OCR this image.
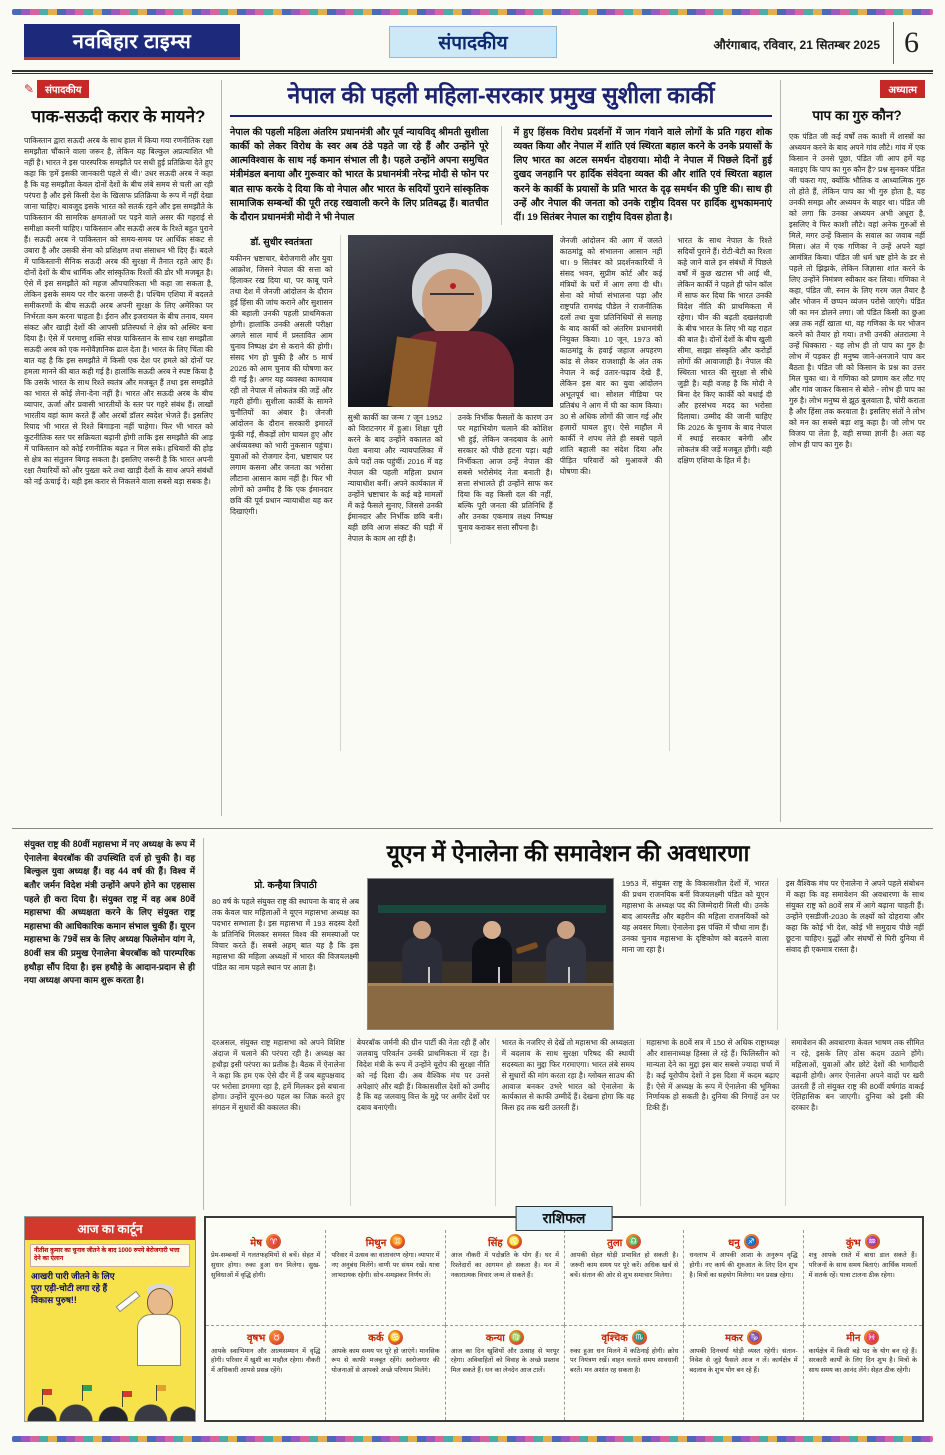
नवबिहार टाइम्स	संपादकीय	औरंगाबाद, रविवार, 21 सितम्बर 2025 6
✎ संपादकीय
पाक-सऊदी करार के मायने?
पाकिस्तान द्वारा सऊदी अरब के साथ हाल में किया गया रणनीतिक रक्षा समझौता चौंकाने वाला जरूर है, लेकिन यह बिल्कुल अप्रत्याशित भी नहीं है। भारत ने इस पारस्परिक समझौते पर सधी हुई प्रतिक्रिया देते हुए कहा कि 'हमें इसकी जानकारी पहले से थी।' उधर सऊदी अरब ने कहा है कि यह समझौता केवल दोनों देशों के बीच लंबे समय से चली आ रही परंपरा है और इसे किसी देश के खिलाफ प्रतिक्रिया के रूप में नहीं देखा जाना चाहिए। बावजूद इसके भारत को सतर्क रहने और इस समझौते के पाकिस्तान की सामरिक क्षमताओं पर पड़ने वाले असर की गहराई से समीक्षा करनी चाहिए। पाकिस्तान और सऊदी अरब के रिश्ते बहुत पुराने हैं। सऊदी अरब ने पाकिस्तान को समय-समय पर आर्थिक संकट से उबारा है और उसकी सेना को प्रशिक्षण तथा संसाधन भी दिए हैं। बदले में पाकिस्तानी सैनिक सऊदी अरब की सुरक्षा में तैनात रहते आए हैं। दोनों देशों के बीच धार्मिक और सांस्कृतिक रिश्तों की डोर भी मजबूत है। ऐसे में इस समझौते को महज औपचारिकता भी कहा जा सकता है, लेकिन इसके समय पर गौर करना जरूरी है। पश्चिम एशिया में बदलते समीकरणों के बीच सऊदी अरब अपनी सुरक्षा के लिए अमेरिका पर निर्भरता कम करना चाहता है। ईरान और इजरायल के बीच तनाव, यमन संकट और खाड़ी देशों की आपसी प्रतिस्पर्धा ने क्षेत्र को अस्थिर बना दिया है। ऐसे में परमाणु शक्ति संपन्न पाकिस्तान के साथ रक्षा समझौता सऊदी अरब को एक मनोवैज्ञानिक ढाल देता है। भारत के लिए चिंता की बात यह है कि इस समझौते में किसी एक देश पर हमले को दोनों पर हमला मानने की बात कही गई है। हालांकि सऊदी अरब ने स्पष्ट किया है कि उसके भारत के साथ रिश्ते स्वतंत्र और मजबूत हैं तथा इस समझौते का भारत से कोई लेना-देना नहीं है। भारत और सऊदी अरब के बीच व्यापार, ऊर्जा और प्रवासी भारतीयों के स्तर पर गहरे संबंध हैं। लाखों भारतीय वहां काम करते हैं और अरबों डॉलर स्वदेश भेजते हैं। इसलिए रियाद भी भारत से रिश्ते बिगाड़ना नहीं चाहेगा। फिर भी भारत को कूटनीतिक स्तर पर सक्रियता बढ़ानी होगी ताकि इस समझौते की आड़ में पाकिस्तान को कोई रणनीतिक बढ़त न मिल सके। हथियारों की होड़ से क्षेत्र का संतुलन बिगड़ सकता है। इसलिए जरूरी है कि भारत अपनी रक्षा तैयारियों को और पुख्ता करे तथा खाड़ी देशों के साथ अपने संबंधों को नई ऊंचाई दे। यही इस करार से निकलने वाला सबसे बड़ा सबक है।
अध्यात्म
पाप का गुरु कौन?
एक पंडित जी कई वर्षों तक काशी में शास्त्रों का अध्ययन करने के बाद अपने गांव लौटे। गांव में एक किसान ने उनसे पूछा, पंडित जी आप हमें यह बताइए कि पाप का गुरु कौन है? प्रश्न सुनकर पंडित जी चकरा गए, क्योंकि भौतिक व आध्यात्मिक गुरु तो होते हैं, लेकिन पाप का भी गुरु होता है, यह उनकी समझ और अध्ययन के बाहर था। पंडित जी को लगा कि उनका अध्ययन अभी अधूरा है, इसलिए वे फिर काशी लौटे। वहां अनेक गुरुओं से मिले, मगर उन्हें किसान के सवाल का जवाब नहीं मिला। अंत में एक गणिका ने उन्हें अपने यहां आमंत्रित किया। पंडित जी धर्म भ्रष्ट होने के डर से पहले तो झिझके, लेकिन जिज्ञासा शांत करने के लिए उन्होंने निमंत्रण स्वीकार कर लिया। गणिका ने कहा, पंडित जी, स्नान के लिए गरम जल तैयार है और भोजन में छप्पन व्यंजन परोसे जाएंगे। पंडित जी का मन डोलने लगा। जो पंडित किसी का छुआ अन्न तक नहीं खाता था, वह गणिका के घर भोजन करने को तैयार हो गया। तभी उनकी अंतरात्मा ने उन्हें धिक्कारा - यह लोभ ही तो पाप का गुरु है! लोभ में पड़कर ही मनुष्य जाने-अनजाने पाप कर बैठता है। पंडित जी को किसान के प्रश्न का उत्तर मिल चुका था। वे गणिका को प्रणाम कर लौट गए और गांव जाकर किसान से बोले - लोभ ही पाप का गुरु है। लोभ मनुष्य से झूठ बुलवाता है, चोरी कराता है और हिंसा तक करवाता है। इसलिए संतों ने लोभ को मन का सबसे बड़ा शत्रु कहा है। जो लोभ पर विजय पा लेता है, वही सच्चा ज्ञानी है। अतः यह लोभ ही पाप का गुरु है।
नेपाल की पहली महिला-सरकार प्रमुख सुशीला कार्की
नेपाल की पहली महिला अंतरिम प्रधानमंत्री और पूर्व न्यायविद् श्रीमती सुशीला कार्की को लेकर विरोध के स्वर अब ठंडे पड़ते जा रहे हैं और उन्होंने पूरे आत्मविश्वास के साथ नई कमान संभाल ली है। पहले उन्होंने अपना समुचित मंत्रीमंडल बनाया और गुरूवार को भारत के प्रधानमंत्री नरेन्द्र मोदी से फोन पर बात साफ करके दे दिया कि वो नेपाल और भारत के सदियों पुराने सांस्कृतिक सामाजिक सम्बन्धों की पूरी तरह रखवाली करने के लिए प्रतिबद्ध हैं। बातचीत के दौरान प्रधानमंत्री मोदी ने भी नेपाल
में हुए हिंसक विरोध प्रदर्शनों में जान गंवाने वाले लोगों के प्रति गहरा शोक व्यक्त किया और नेपाल में शांति एवं स्थिरता बहाल करने के उनके प्रयासों के लिए भारत का अटल समर्थन दोहराया। मोदी ने नेपाल में पिछले दिनों हुई दुखद जनहानि पर हार्दिक संवेदना व्यक्त की और शांति एवं स्थिरता बहाल करने के कार्की के प्रयासों के प्रति भारत के दृढ़ समर्थन की पुष्टि की। साथ ही उन्हें और नेपाल की जनता को उनके राष्ट्रीय दिवस पर हार्दिक शुभकामनाएं दीं। 19 सितंबर नेपाल का राष्ट्रीय दिवस होता है।
डॉ. सुधीर स्वतंत्रता
यकीनन भ्रष्टाचार, बेरोजगारी और युवा आक्रोश, जिसने नेपाल की सत्ता को हिलाकर रख दिया था, पर काबू पाने तथा देश में जेनजी आंदोलन के दौरान हुई हिंसा की जांच कराने और सुशासन की बहाली उनकी पहली प्राथमिकता होगी। हालांकि उनकी असली परीक्षा अगले साल मार्च में प्रस्तावित आम चुनाव निष्पक्ष ढंग से कराने की होगी। संसद भंग हो चुकी है और 5 मार्च 2026 को आम चुनाव की घोषणा कर दी गई है। अगर यह व्यवस्था कामयाब रही तो नेपाल में लोकतंत्र की जड़ें और गहरी होंगी। सुशीला कार्की के सामने चुनौतियों का अंबार है। जेनजी आंदोलन के दौरान सरकारी इमारतें फूंकी गईं, सैकड़ों लोग घायल हुए और अर्थव्यवस्था को भारी नुकसान पहुंचा। युवाओं को रोजगार देना, भ्रष्टाचार पर लगाम कसना और जनता का भरोसा लौटाना आसान काम नहीं है। फिर भी लोगों को उम्मीद है कि एक ईमानदार छवि की पूर्व प्रधान न्यायाधीश यह कर दिखाएंगी।
सुश्री कार्की का जन्म 7 जून 1952 को विराटनगर में हुआ। शिक्षा पूरी करने के बाद उन्होंने वकालत को पेशा बनाया और न्यायपालिका में ऊंचे पदों तक पहुंचीं। 2016 में वह नेपाल की पहली महिला प्रधान न्यायाधीश बनीं। अपने कार्यकाल में उन्होंने भ्रष्टाचार के कई बड़े मामलों में कड़े फैसले सुनाए, जिससे उनकी ईमानदार और निर्भीक छवि बनी। यही छवि आज संकट की घड़ी में नेपाल के काम आ रही है।
उनके निर्भीक फैसलों के कारण उन पर महाभियोग चलाने की कोशिश भी हुई, लेकिन जनदबाव के आगे सरकार को पीछे हटना पड़ा। यही निर्भीकता आज उन्हें नेपाल की सबसे भरोसेमंद नेता बनाती है। सत्ता संभालते ही उन्होंने साफ कर दिया कि वह किसी दल की नहीं, बल्कि पूरी जनता की प्रतिनिधि हैं और उनका एकमात्र लक्ष्य निष्पक्ष चुनाव कराकर सत्ता सौंपना है।
जेनजी आंदोलन की आग में जलते काठमांडू को संभालना आसान नहीं था। 9 सितंबर को प्रदर्शनकारियों ने संसद भवन, सुप्रीम कोर्ट और कई मंत्रियों के घरों में आग लगा दी थी। सेना को मोर्चा संभालना पड़ा और राष्ट्रपति रामचंद्र पौडेल ने राजनीतिक दलों तथा युवा प्रतिनिधियों से सलाह के बाद कार्की को अंतरिम प्रधानमंत्री नियुक्त किया। 10 जून, 1973 को काठमांडू के हवाई जहाज अपहरण कांड से लेकर राजशाही के अंत तक नेपाल ने कई उतार-चढ़ाव देखे हैं, लेकिन इस बार का युवा आंदोलन अभूतपूर्व था। सोशल मीडिया पर प्रतिबंध ने आग में घी का काम किया। 30 से अधिक लोगों की जान गई और हजारों घायल हुए। ऐसे माहौल में कार्की ने शपथ लेते ही सबसे पहले शांति बहाली का संदेश दिया और पीड़ित परिवारों को मुआवजे की घोषणा की।
भारत के साथ नेपाल के रिश्ते सदियों पुराने हैं। रोटी-बेटी का रिश्ता कहे जाने वाले इन संबंधों में पिछले वर्षों में कुछ खटास भी आई थी, लेकिन कार्की ने पहले ही फोन कॉल में साफ कर दिया कि भारत उनकी विदेश नीति की प्राथमिकता में रहेगा। चीन की बढ़ती दखलंदाजी के बीच भारत के लिए भी यह राहत की बात है। दोनों देशों के बीच खुली सीमा, साझा संस्कृति और करोड़ों लोगों की आवाजाही है। नेपाल की स्थिरता भारत की सुरक्षा से सीधे जुड़ी है। यही वजह है कि मोदी ने बिना देर किए कार्की को बधाई दी और हरसंभव मदद का भरोसा दिलाया। उम्मीद की जानी चाहिए कि 2026 के चुनाव के बाद नेपाल में स्थाई सरकार बनेगी और लोकतंत्र की जड़ें मजबूत होंगी। यही दक्षिण एशिया के हित में है।
संयुक्त राष्ट्र की 80वीं महासभा में नए अध्यक्ष के रूप में ऐनालेना बेयरबॉक की उपस्थिति दर्ज हो चुकी है। वह बिल्कुल युवा अध्यक्ष हैं। वह 44 वर्ष की हैं। विश्व में बतौर जर्मन विदेश मंत्री उन्होंने अपने होने का एहसास पहले ही करा दिया है। संयुक्त राष्ट्र में वह अब 80वें महासभा की अध्यक्षता करने के लिए संयुक्त राष्ट्र महासभा की आधिकारिक कमान संभाल चुकी हैं। यूएन महासभा के 79वें सत्र के लिए अध्यक्ष फिलेमोन यांग ने, 80वीं सत्र की प्रमुख ऐनालेना बेयरबॉक को पारम्परिक हथौड़ा सौंप दिया है। इस हथौड़े के आदान-प्रदान से ही नया अध्यक्ष अपना काम शुरू करता है।
यूएन में ऐनालेना की समावेशन की अवधारणा
प्रो. कन्हैया त्रिपाठी
80 वर्ष के पहले संयुक्त राष्ट्र की स्थापना के बाद से अब तक केवल चार महिलाओं ने यूएन महासभा अध्यक्ष का पदभार सम्भाला है। इस महासभा में 193 सदस्य देशों के प्रतिनिधि मिलकर समस्त विश्व की समस्याओं पर विचार करते हैं। सबसे अहम् बात यह है कि इस महासभा की महिला अध्यक्षों में भारत की विजयलक्ष्मी पंडित का नाम पहले स्थान पर आता है।
1953 में, संयुक्त राष्ट्र के विकासशील देशों में, भारत की प्रथम राजनयिक बनीं विजयलक्ष्मी पंडित को यूएन महासभा के अध्यक्ष पद की जिम्मेदारी मिली थी। उनके बाद आयरलैंड और बहरीन की महिला राजनयिकों को यह अवसर मिला। ऐनालेना इस पंक्ति में चौथा नाम हैं। उनका चुनाव महासभा के दृष्टिकोण को बदलने वाला माना जा रहा है।
इस वैश्विक मंच पर ऐनालेना ने अपने पहले संबोधन में कहा कि वह समावेशन की अवधारणा के साथ संयुक्त राष्ट्र को 80वें सत्र में आगे बढ़ाना चाहती हैं। उन्होंने एसडीजी-2030 के लक्ष्यों को दोहराया और कहा कि कोई भी देश, कोई भी समुदाय पीछे नहीं छूटना चाहिए। युद्धों और संघर्षों से घिरी दुनिया में संवाद ही एकमात्र रास्ता है।

दरअसल, संयुक्त राष्ट्र महासभा को अपने विशिष्ट अंदाज में चलाने की परंपरा रही है। अध्यक्ष का हथौड़ा इसी परंपरा का प्रतीक है। बैठक में ऐनालेना ने कहा कि हम एक ऐसे दौर में हैं जब बहुपक्षवाद पर भरोसा डगमगा रहा है, हमें मिलकर इसे बचाना होगा। उन्होंने यूएन-80 पहल का जिक्र करते हुए संगठन में सुधारों की वकालत की।

बेयरबॉक जर्मनी की ग्रीन पार्टी की नेता रही हैं और जलवायु परिवर्तन उनकी प्राथमिकता में रहा है। विदेश मंत्री के रूप में उन्होंने यूरोप की सुरक्षा नीति को नई दिशा दी। अब वैश्विक मंच पर उनसे अपेक्षाएं और बड़ी हैं। विकासशील देशों को उम्मीद है कि वह जलवायु वित्त के मुद्दे पर अमीर देशों पर दबाव बनाएंगी।

भारत के नजरिए से देखें तो महासभा की अध्यक्षता में बदलाव के साथ सुरक्षा परिषद की स्थायी सदस्यता का मुद्दा फिर गरमाएगा। भारत लंबे समय से सुधारों की मांग करता रहा है। ग्लोबल साउथ की आवाज बनकर उभरे भारत को ऐनालेना के कार्यकाल से काफी उम्मीदें हैं। देखना होगा कि वह किस हद तक खरी उतरती हैं।

महासभा के 80वें सत्र में 150 से अधिक राष्ट्राध्यक्ष और शासनाध्यक्ष हिस्सा ले रहे हैं। फिलिस्तीन को मान्यता देने का मुद्दा इस बार सबसे ज्यादा चर्चा में है। कई यूरोपीय देशों ने इस दिशा में कदम बढ़ाए हैं। ऐसे में अध्यक्ष के रूप में ऐनालेना की भूमिका निर्णायक हो सकती है। दुनिया की निगाहें उन पर टिकी हैं।

समावेशन की अवधारणा केवल भाषण तक सीमित न रहे, इसके लिए ठोस कदम उठाने होंगे। महिलाओं, युवाओं और छोटे देशों की भागीदारी बढ़ानी होगी। अगर ऐनालेना अपने वादों पर खरी उतरती हैं तो संयुक्त राष्ट्र की 80वीं वर्षगांठ वाकई ऐतिहासिक बन जाएगी। दुनिया को इसी की दरकार है।

आज का कार्टून
नीतीश कुमार का चुनाव जीतने के बाद 1000 रुपये बेरोजगारी भत्ता देने का ऐलान
आखरी पारी जीतने के लिए पूरा एड़ी-चोटी लगा रहे हैं विकास पुरुष!!
राशिफल
मेष ♈
प्रेम-सम्बन्धों में गलतफहमियों से बचें। सेहत में सुधार होगा। रुका हुआ धन मिलेगा। सुख-सुविधाओं में वृद्धि होगी।
मिथुन ♊
परिवार में उत्सव का वातावरण रहेगा। व्यापार में नए अनुबंध मिलेंगे। वाणी पर संयम रखें। यात्रा लाभदायक रहेगी। सोच-समझकर निर्णय लें।
सिंह ♌
आज नौकरी में पदोन्नति के योग हैं। घर में रिश्तेदारों का आगमन हो सकता है। मन में नकारात्मक विचार जन्म ले सकते हैं।
तुला ♎
आपकी सेहत थोड़ी प्रभावित हो सकती है। जरूरी काम समय पर पूरे करें। अधिक खर्च से बचें। संतान की ओर से शुभ समाचार मिलेगा।
धनु ♐
धनलाभ में आपकी आशा के अनुरूप वृद्धि होगी। नए कार्य की शुरुआत के लिए दिन शुभ है। मित्रों का सहयोग मिलेगा। मन प्रसन्न रहेगा।
कुंभ ♒
शत्रु आपके रास्ते में बाधा डाल सकते हैं। परिजनों के साथ समय बिताएं। आर्थिक मामलों में सतर्क रहें। यात्रा टालना ठीक रहेगा।
वृषभ ♉
आपके स्वाभिमान और आत्मसम्मान में वृद्धि होगी। परिवार में खुशी का माहौल रहेगा। नौकरी में अधिकारी आपसे प्रसन्न रहेंगे।
कर्क ♋
आपके काम समय पर पूरे हो जाएंगे। मानसिक रूप से काफी मजबूत रहेंगे। स्वरोजगार की योजनाओं से आपको अच्छे परिणाम मिलेंगे।
कन्या ♍
आज का दिन खुशियों और उत्साह से भरपूर रहेगा। अविवाहितों को विवाह के अच्छे प्रस्ताव मिल सकते हैं। धन का लेनदेन आज टालें।
वृश्चिक ♏
रुका हुआ धन मिलने में कठिनाई होगी। क्रोध पर नियंत्रण रखें। वाहन चलाते समय सावधानी बरतें। मन अशांत रह सकता है।
मकर ♑
आपकी दिनचर्या थोड़ी व्यस्त रहेगी। संतान-निवेश से जुड़े फैसले आज न लें। कार्यक्षेत्र में बदलाव के शुभ योग बन रहे हैं।
मीन ♓
कार्यक्षेत्र में किसी बड़े पद के योग बन रहे हैं। सरकारी कार्यों के लिए दिन शुभ है। मित्रों के साथ समय का आनंद लेंगे। सेहत ठीक रहेगी।
